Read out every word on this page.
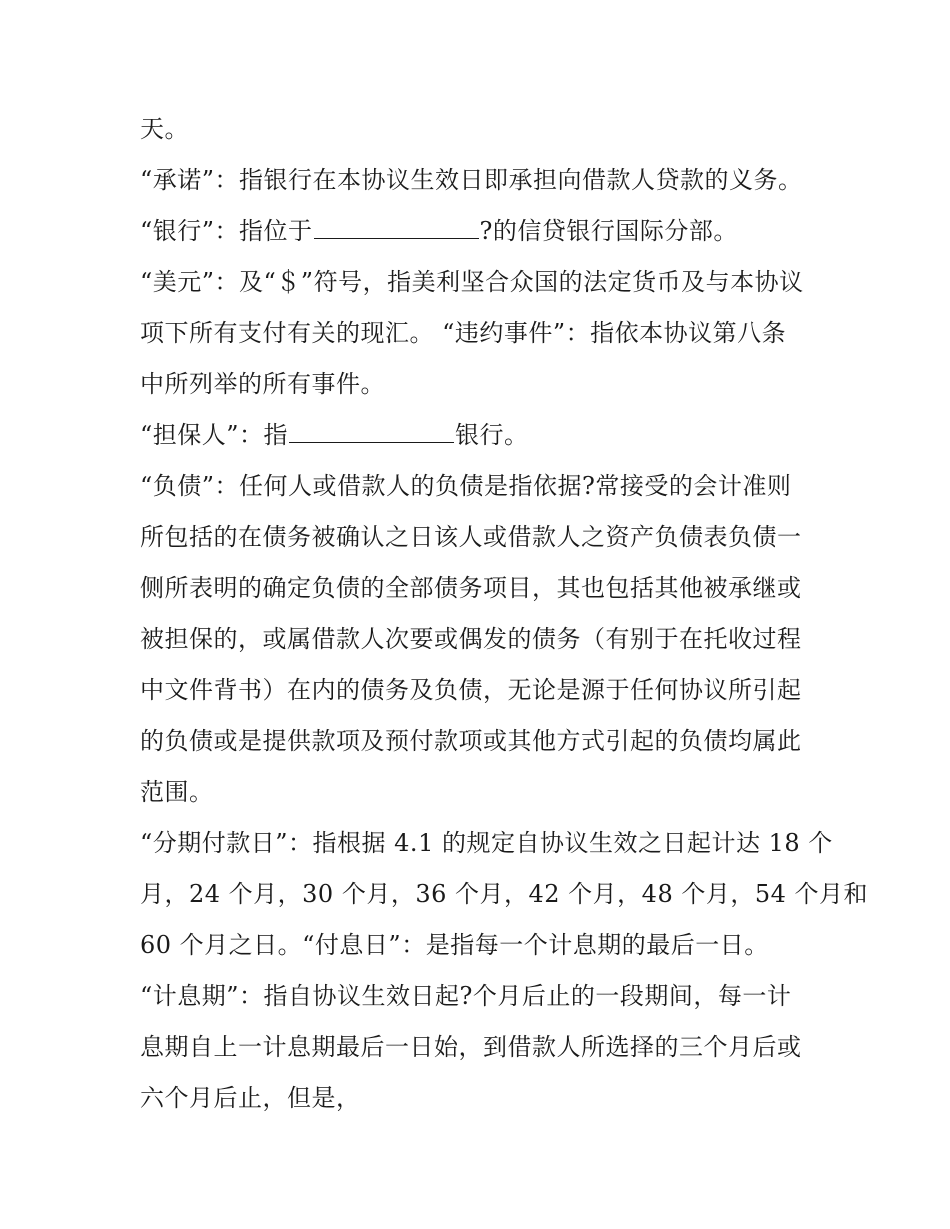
天。
“承诺”：指银行在本协议生效日即承担向借款人贷款的义务。
“银行”：指位于	?的信贷银行国际分部。
“美元”：及“＄”符号，指美利坚合众国的法定货币及与本协议
项下所有支付有关的现汇。 “违约事件”：指依本协议第八条
中所列举的所有事件。
“担保人”：指	银行。
“负债”：任何人或借款人的负债是指依据?常接受的会计准则
所包括的在债务被确认之日该人或借款人之资产负债表负债一
侧所表明的确定负债的全部债务项目，其也包括其他被承继或
被担保的，或属借款人次要或偶发的债务（有别于在托收过程
中文件背书）在内的债务及负债，无论是源于任何协议所引起
的负债或是提供款项及预付款项或其他方式引起的负债均属此
范围。
“分期付款日”：指根据 4.1 的规定自协议生效之日起计达 18 个
月，24 个月，30 个月，36 个月，42 个月，48 个月，54 个月和
60 个月之日。“付息日”：是指每一个计息期的最后一日。
“计息期”：指自协议生效日起?个月后止的一段期间，每一计
息期自上一计息期最后一日始，到借款人所选择的三个月后或
六个月后止，但是，
